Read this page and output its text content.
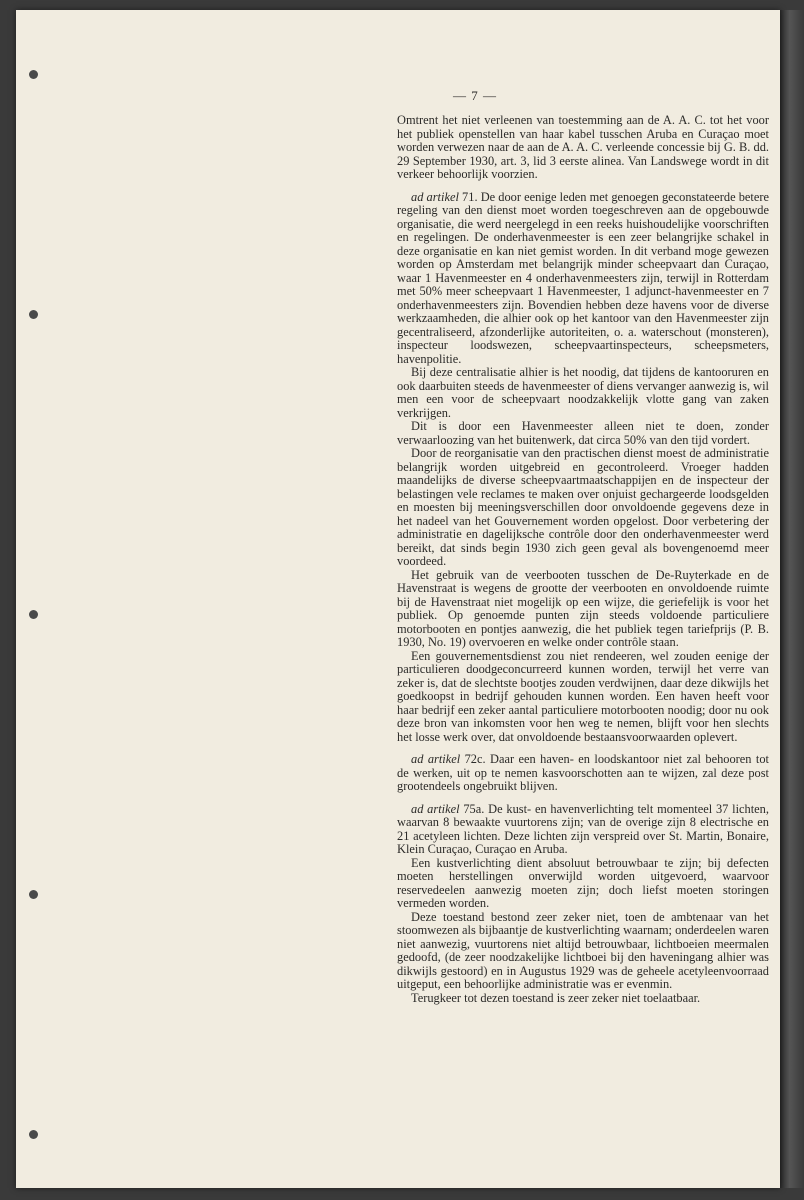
— 7 —

Omtrent het niet verleenen van toestemming aan de A. A. C. tot het voor het publiek openstellen van haar kabel tusschen Aruba en Curaçao moet worden verwezen naar de aan de A. A. C. verleende concessie bij G. B. dd. 29 September 1930, art. 3, lid 3 eerste alinea. Van Landswege wordt in dit verkeer behoorlijk voorzien.

ad artikel 71. De door eenige leden met genoegen geconstateerde betere regeling van den dienst moet worden toegeschreven aan de opgebouwde organisatie, die werd neergelegd in een reeks huishoudelijke voorschriften en regelingen. De onderhavenmeester is een zeer belangrijke schakel in deze organisatie en kan niet gemist worden. In dit verband moge gewezen worden op Amsterdam met belangrijk minder scheepvaart dan Curaçao, waar 1 Havenmeester en 4 onderhavenmeesters zijn, terwijl in Rotterdam met 50% meer scheepvaart 1 Havenmeester, 1 adjunct-havenmeester en 7 onderhavenmeesters zijn. Bovendien hebben deze havens voor de diverse werkzaamheden, die alhier ook op het kantoor van den Havenmeester zijn gecentraliseerd, afzonderlijke autoriteiten, o. a. waterschout (monsteren), inspecteur loodswezen, scheepvaartinspecteurs, scheepsmeters, havenpolitie.

Bij deze centralisatie alhier is het noodig, dat tijdens de kantooruren en ook daarbuiten steeds de havenmeester of diens vervanger aanwezig is, wil men een voor de scheepvaart noodzakkelijk vlotte gang van zaken verkrijgen.

Dit is door een Havenmeester alleen niet te doen, zonder verwaarloozing van het buitenwerk, dat circa 50% van den tijd vordert.

Door de reorganisatie van den practischen dienst moest de administratie belangrijk worden uitgebreid en gecontroleerd. Vroeger hadden maandelijks de diverse scheepvaartmaatschappijen en de inspecteur der belastingen vele reclames te maken over onjuist gechargeerde loodsgelden en moesten bij meeningsverschillen door onvoldoende gegevens deze in het nadeel van het Gouvernement worden opgelost. Door verbetering der administratie en dagelijksche contrôle door den onderhavenmeester werd bereikt, dat sinds begin 1930 zich geen geval als bovengenoemd meer voordeed.

Het gebruik van de veerbooten tusschen de De-Ruyterkade en de Havenstraat is wegens de grootte der veerbooten en onvoldoende ruimte bij de Havenstraat niet mogelijk op een wijze, die geriefelijk is voor het publiek. Op genoemde punten zijn steeds voldoende particuliere motorbooten en pontjes aanwezig, die het publiek tegen tariefprijs (P. B. 1930, No. 19) overvoeren en welke onder contrôle staan.

Een gouvernementsdienst zou niet rendeeren, wel zouden eenige der particulieren doodgeconcurreerd kunnen worden, terwijl het verre van zeker is, dat de slechtste bootjes zouden verdwijnen, daar deze dikwijls het goedkoopst in bedrijf gehouden kunnen worden. Een haven heeft voor haar bedrijf een zeker aantal particuliere motorbooten noodig; door nu ook deze bron van inkomsten voor hen weg te nemen, blijft voor hen slechts het losse werk over, dat onvoldoende bestaansvoorwaarden oplevert.

ad artikel 72c. Daar een haven- en loodskantoor niet zal behooren tot de werken, uit op te nemen kasvoorschotten aan te wijzen, zal deze post grootendeels ongebruikt blijven.

ad artikel 75a. De kust- en havenverlichting telt momenteel 37 lichten, waarvan 8 bewaakte vuurtorens zijn; van de overige zijn 8 electrische en 21 acetyleen lichten. Deze lichten zijn verspreid over St. Martin, Bonaire, Klein Curaçao, Curaçao en Aruba.

Een kustverlichting dient absoluut betrouwbaar te zijn; bij defecten moeten herstellingen onverwijld worden uitgevoerd, waarvoor reservedeelen aanwezig moeten zijn; doch liefst moeten storingen vermeden worden.

Deze toestand bestond zeer zeker niet, toen de ambtenaar van het stoomwezen als bijbaantje de kustverlichting waarnam; onderdeelen waren niet aanwezig, vuurtorens niet altijd betrouwbaar, lichtboeien meermalen gedoofd, (de zeer noodzakelijke lichtboei bij den haveningang alhier was dikwijls gestoord) en in Augustus 1929 was de geheele acetyleenvoorraad uitgeput, een behoorlijke administratie was er evenmin.

Terugkeer tot dezen toestand is zeer zeker niet toelaatbaar.
